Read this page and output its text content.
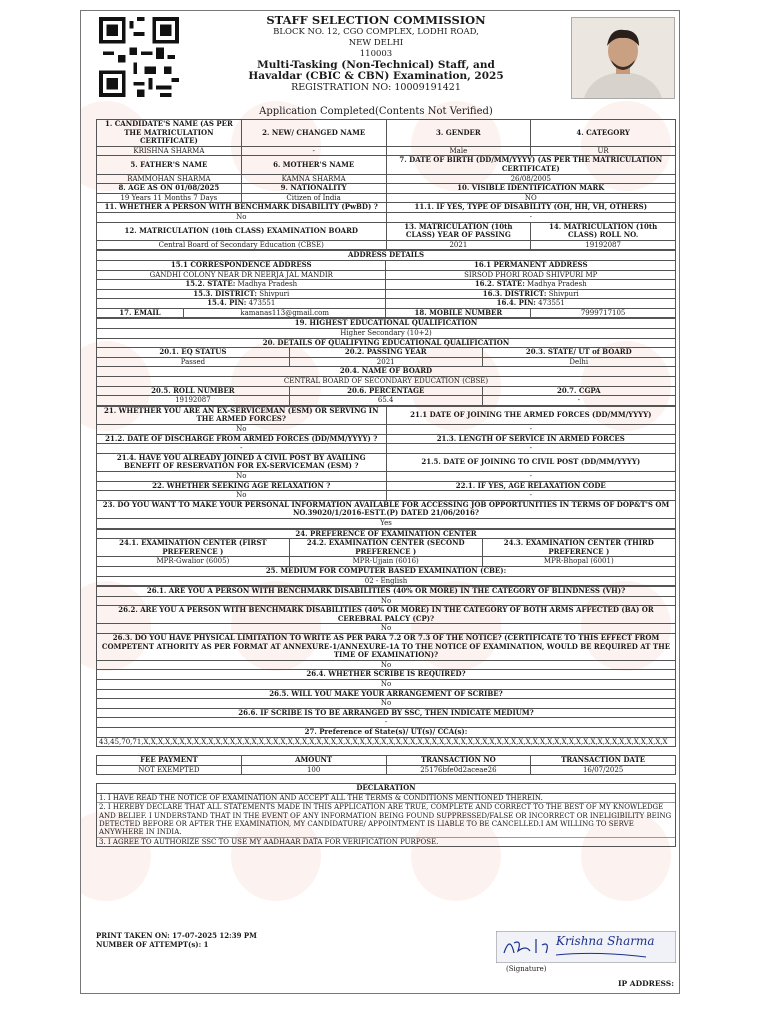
STAFF SELECTION COMMISSION
BLOCK NO. 12, CGO COMPLEX, LODHI ROAD,
NEW DELHI
110003
Multi-Tasking (Non-Technical) Staff, and
Havaldar (CBIC & CBN) Examination, 2025
REGISTRATION NO: 10009191421
Application Completed(Contents Not Verified)
1. CANDIDATE'S NAME (AS PER THE MATRICULATION CERTIFICATE)	2. NEW/ CHANGED NAME	3. GENDER	4. CATEGORY
KRISHNA SHARMA	-	Male	UR
5. FATHER'S NAME	6. MOTHER'S NAME	7. DATE OF BIRTH (DD/MM/YYYY) (AS PER THE MATRICULATION CERTIFICATE)	
RAMMOHAN SHARMA	KAMNA SHARMA	26/08/2005	
8. AGE AS ON 01/08/2025	9. NATIONALITY	10. VISIBLE IDENTIFICATION MARK	
19 Years 11 Months 7 Days	Citizen of India	NO	
11. WHETHER A PERSON WITH BENCHMARK DISABILITY (PwBD) ?		11.1. IF YES, TYPE OF DISABILITY (OH, HH, VH, OTHERS)	
No		-	
12. MATRICULATION (10th CLASS) EXAMINATION BOARD		13. MATRICULATION (10th CLASS) YEAR OF PASSING	14. MATRICULATION (10th CLASS) ROLL NO.
Central Board of Secondary Education (CBSE)		2021	19192087
ADDRESS DETAILS			
15.1 CORRESPONDENCE ADDRESS		16.1 PERMANENT ADDRESS	
GANDHI COLONY NEAR DR NEERJA JAL MANDIR		SIRSOD PHORI ROAD SHIVPURI MP	
15.2. STATE: Madhya Pradesh		16.2. STATE: Madhya Pradesh	
15.3. DISTRICT: Shivpuri		16.3. DISTRICT: Shivpuri	
15.4. PIN: 473551		16.4. PIN: 473551	
17. EMAIL	kamanas113@gmail.com	18. MOBILE NUMBER	7999717105
19. HIGHEST EDUCATIONAL QUALIFICATION		
Higher Secondary (10+2)		
20. DETAILS OF QUALIFYING EDUCATIONAL QUALIFICATION		
20.1. EQ STATUS	20.2. PASSING YEAR	20.3. STATE/ UT of BOARD
Passed	2021	Delhi
20.4. NAME OF BOARD		
CENTRAL BOARD OF SECONDARY EDUCATION (CBSE)		
20.5. ROLL NUMBER	20.6. PERCENTAGE	20.7. CGPA
19192087	65.4	-
21. WHETHER YOU ARE AN EX-SERVICEMAN (ESM) OR SERVING IN THE ARMED FORCES?	21.1 DATE OF JOINING THE ARMED FORCES (DD/MM/YYYY)
No	-
21.2. DATE OF DISCHARGE FROM ARMED FORCES (DD/MM/YYYY) ?	21.3. LENGTH OF SERVICE IN ARMED FORCES
-	-
21.4. HAVE YOU ALREADY JOINED A CIVIL POST BY AVAILING BENEFIT OF RESERVATION FOR EX-SERVICEMAN (ESM) ?	21.5. DATE OF JOINING TO CIVIL POST (DD/MM/YYYY)
No	-
22. WHETHER SEEKING AGE RELAXATION ?	22.1. IF YES, AGE RELAXATION CODE
No	-
23. DO YOU WANT TO MAKE YOUR PERSONAL INFORMATION AVAILABLE FOR ACCESSING JOB OPPORTUNITIES IN TERMS OF DOP&T'S OM NO.39020/1/2016-ESTT.(P) DATED 21/06/2016?	
Yes	
24. PREFERENCE OF EXAMINATION CENTER		
24.1. EXAMINATION CENTER (FIRST PREFERENCE )	24.2. EXAMINATION CENTER (SECOND PREFERENCE )	24.3. EXAMINATION CENTER (THIRD PREFERENCE )
MPR-Gwalior (6005)	MPR-Ujjain (6016)	MPR-Bhopal (6001)
25. MEDIUM FOR COMPUTER BASED EXAMINATION (CBE):		
02 - English		
26.1. ARE YOU A PERSON WITH BENCHMARK DISABILITIES (40% OR MORE) IN THE CATEGORY OF BLINDNESS (VH)?
No
26.2. ARE YOU A PERSON WITH BENCHMARK DISABILITIES (40% OR MORE) IN THE CATEGORY OF BOTH ARMS AFFECTED (BA) OR CEREBRAL PALCY (CP)?
No
26.3. DO YOU HAVE PHYSICAL LIMITATION TO WRITE AS PER PARA 7.2 OR 7.3 OF THE NOTICE? (CERTIFICATE TO THIS EFFECT FROM COMPETENT ATHORITY AS PER FORMAT AT ANNEXURE-1/ANNEXURE-1A TO THE NOTICE OF EXAMINATION, WOULD BE REQUIRED AT THE TIME OF EXAMINATION)?
No
26.4. WHETHER SCRIBE IS REQUIRED?
No
26.5. WILL YOU MAKE YOUR ARRANGEMENT OF SCRIBE?
No
26.6. IF SCRIBE IS TO BE ARRANGED BY SSC, THEN INDICATE MEDIUM?
-
27. Preference of State(s)/ UT(s)/ CCA(s):
43,45,70,71,X,X,X,X,X,X,X,X,X,X,X,X,X,X,X,X,X,X,X,X,X,X,X,X,X,X,X,X,X,X,X,X,X,X,X,X,X,X,X,X,X,X,X,X,X,X,X,X,X,X,X,X,X,X,X,X,X,X,X,X,X,X,X,X,X,X,X,X,X,X,X,X,X
FEE PAYMENT	AMOUNT	TRANSACTION NO	TRANSACTION DATE
NOT EXEMPTED	100	25176bfe0d2aceae26	16/07/2025
DECLARATION
1. I HAVE READ THE NOTICE OF EXAMINATION AND ACCEPT ALL THE TERMS & CONDITIONS MENTIONED THEREIN.
2. I HEREBY DECLARE THAT ALL STATEMENTS MADE IN THIS APPLICATION ARE TRUE, COMPLETE AND CORRECT TO THE BEST OF MY KNOWLEDGE AND BELIEF. I UNDERSTAND THAT IN THE EVENT OF ANY INFORMATION BEING FOUND SUPPRESSED/FALSE OR INCORRECT OR INELIGIBILITY BEING DETECTED BEFORE OR AFTER THE EXAMINATION, MY CANDIDATURE/ APPOINTMENT IS LIABLE TO BE CANCELLED.I AM WILLING TO SERVE ANYWHERE IN INDIA.
3. I AGREE TO AUTHORIZE SSC TO USE MY AADHAAR DATA FOR VERIFICATION PURPOSE.
PRINT TAKEN ON: 17-07-2025 12:39 PM
NUMBER OF ATTEMPT(s): 1	Krishna Sharma
(Signature)
IP ADDRESS:
